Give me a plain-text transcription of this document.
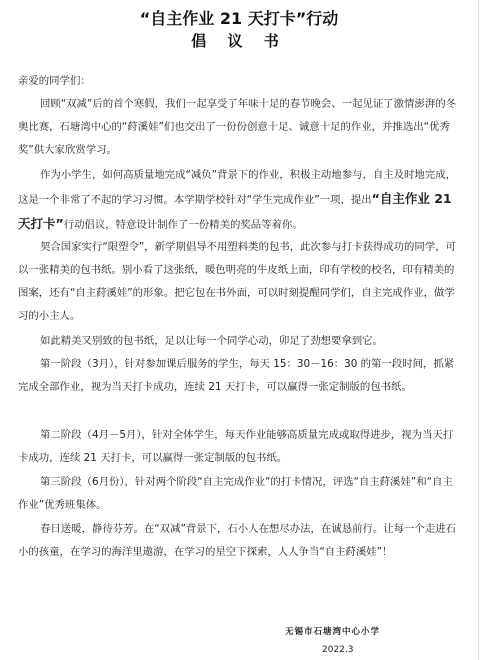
“自主作业 21 天打卡”行动
倡 议 书

亲爱的同学们：

回顾“双减”后的首个寒假，我们一起享受了年味十足的春节晚会、一起见证了激情澎湃的冬奥比赛，石塘湾中心的“荮溪娃”们也交出了一份份创意十足、诚意十足的作业，并推选出“优秀奖”供大家欣赏学习。

作为小学生，如何高质量地完成“减负”背景下的作业，积极主动地参与，自主及时地完成，这是一个非常了不起的学习习惯。本学期学校针对“学生完成作业”一项，提出“自主作业 21 天打卡”行动倡议，特意设计制作了一份精美的奖品等着你。

契合国家实行“限塑令”，新学期倡导不用塑料类的包书，此次参与打卡获得成功的同学，可以一张精美的包书纸。别小看了这张纸，暖色明亮的牛皮纸上面，印有学校的校名，印有精美的图案，还有“自主荮溪娃”的形象。把它包在书外面，可以时刻提醒同学们，自主完成作业，做学习的小主人。

如此精美又别致的包书纸，足以让每一个同学心动，卯足了劲想要拿到它。

第一阶段（3月），针对参加课后服务的学生，每天 15：30－16：30 的第一段时间，抓紧完成全部作业，视为当天打卡成功，连续 21 天打卡，可以赢得一张定制版的包书纸。

第二阶段（4月－5月），针对全体学生，每天作业能够高质量完成或取得进步，视为当天打卡成功，连续 21 天打卡，可以赢得一张定制版的包书纸。

第三阶段（6月份），针对两个阶段“自主完成作业”的打卡情况，评选“自主荮溪娃”和“自主作业”优秀班集体。

春日送暖，静待芬芳。在“双减”背景下，石小人在想尽办法，在诚恳前行。让每一个走进石小的孩童，在学习的海洋里遨游，在学习的星空下探索，人人争当“自主荮溪娃”！

无锡市石塘湾中心小学
2022.3
